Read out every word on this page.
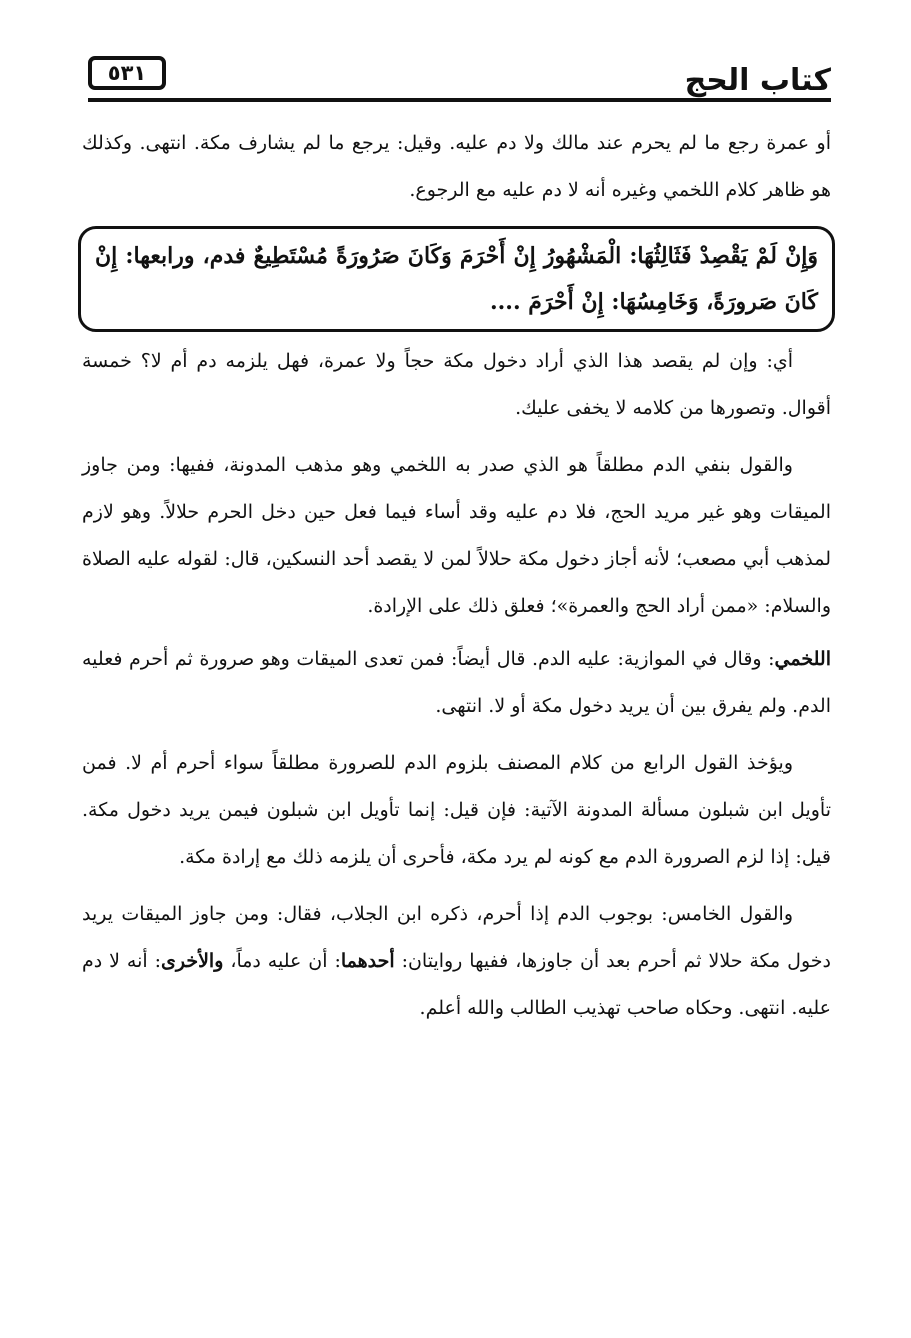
كتاب الحج
٥٣١

أو عمرة رجع ما لم يحرم عند مالك ولا دم عليه. وقيل: يرجع ما لم يشارف مكة. انتهى. وكذلك هو ظاهر كلام اللخمي وغيره أنه لا دم عليه مع الرجوع.

وَإِنْ لَمْ يَقْصِدْ فَثَالِثُهَا: الْمَشْهُورُ إِنْ أَحْرَمَ وَكَانَ صَرُورَةً مُسْتَطِيعٌ فدم، ورابعها: إِنْ كَانَ صَرورَةً، وَخَامِسُهَا: إِنْ أَحْرَمَ ....

أي: وإن لم يقصد هذا الذي أراد دخول مكة حجاً ولا عمرة، فهل يلزمه دم أم لا؟ خمسة أقوال. وتصورها من كلامه لا يخفى عليك.

والقول بنفي الدم مطلقاً هو الذي صدر به اللخمي وهو مذهب المدونة، ففيها: ومن جاوز الميقات وهو غير مريد الحج، فلا دم عليه وقد أساء فيما فعل حين دخل الحرم حلالاً. وهو لازم لمذهب أبي مصعب؛ لأنه أجاز دخول مكة حلالاً لمن لا يقصد أحد النسكين، قال: لقوله عليه الصلاة والسلام: «ممن أراد الحج والعمرة»؛ فعلق ذلك على الإرادة.

اللخمي: وقال في الموازية: عليه الدم. قال أيضاً: فمن تعدى الميقات وهو صرورة ثم أحرم فعليه الدم. ولم يفرق بين أن يريد دخول مكة أو لا. انتهى.

ويؤخذ القول الرابع من كلام المصنف بلزوم الدم للصرورة مطلقاً سواء أحرم أم لا. فمن تأويل ابن شبلون مسألة المدونة الآتية: فإن قيل: إنما تأويل ابن شبلون فيمن يريد دخول مكة. قيل: إذا لزم الصرورة الدم مع كونه لم يرد مكة، فأحرى أن يلزمه ذلك مع إرادة مكة.

والقول الخامس: بوجوب الدم إذا أحرم، ذكره ابن الجلاب، فقال: ومن جاوز الميقات يريد دخول مكة حلالا ثم أحرم بعد أن جاوزها، ففيها روايتان: أحدهما: أن عليه دماً، والأخرى: أنه لا دم عليه. انتهى. وحكاه صاحب تهذيب الطالب والله أعلم.
